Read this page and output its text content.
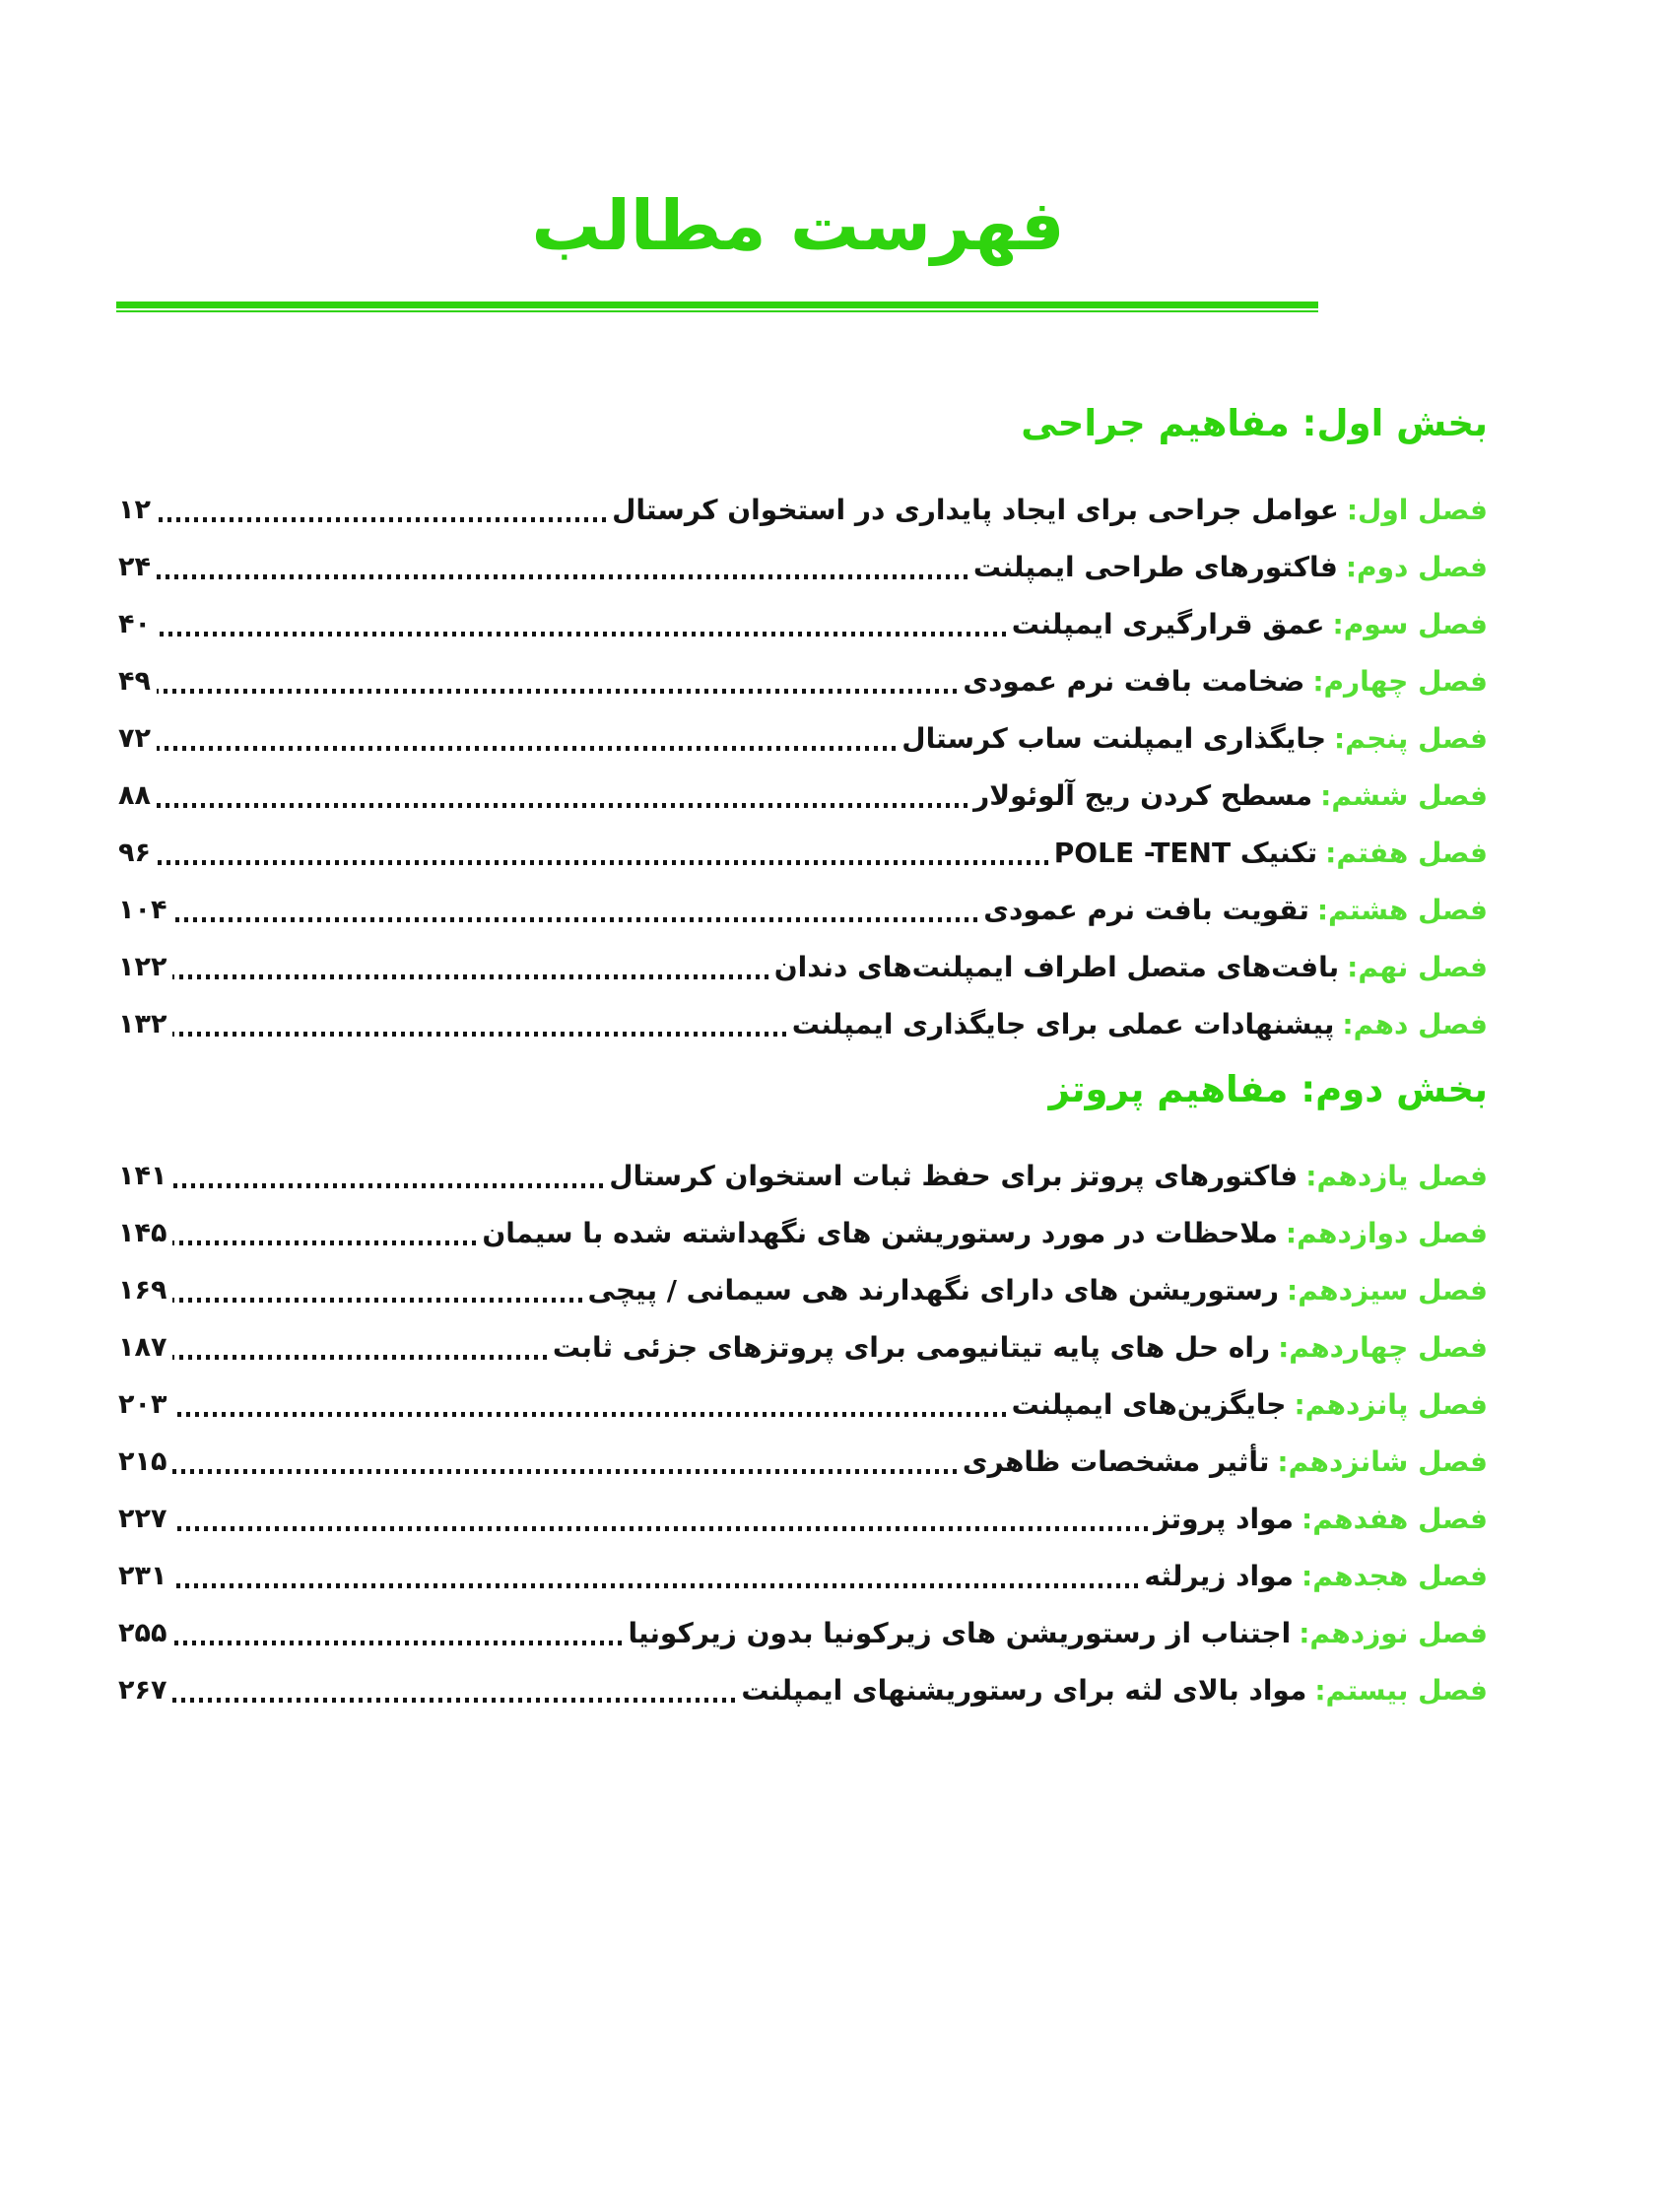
فهرست مطالب
بخش اول: مفاهیم جراحی
فصل اول:
عوامل جراحی برای ایجاد پایداری در استخوان کرستال
۱۲
فصل دوم:
فاکتورهای طراحی ایمپلنت
۲۴
فصل سوم:
عمق قرارگیری ایمپلنت
۴۰
فصل چهارم:
ضخامت بافت نرم عمودی
۴۹
فصل پنجم:
جایگذاری ایمپلنت ساب کرستال
۷۲
فصل ششم:
مسطح کردن ریج آلوئولار
۸۸
فصل هفتم:
تکنیک POLE -TENT
۹۶
فصل هشتم:
تقویت بافت نرم عمودی
۱۰۴
فصل نهم:
بافت‌های متصل اطراف ایمپلنت‌های دندان
۱۲۲
فصل دهم:
پیشنهادات عملی برای جایگذاری ایمپلنت
۱۳۲
بخش دوم: مفاهیم پروتز
فصل یازدهم:
فاکتورهای پروتز برای حفظ ثبات استخوان کرستال
۱۴۱
فصل دوازدهم:
ملاحظات در مورد رستوریشن های نگهداشته شده با سیمان
۱۴۵
فصل سیزدهم:
رستوریشن های دارای نگهدارند هی سیمانی / پیچی
۱۶۹
فصل چهاردهم:
راه حل های پایه تیتانیومی برای پروتزهای جزئی ثابت
۱۸۷
فصل پانزدهم:
جایگزین‌های ایمپلنت
۲۰۳
فصل شانزدهم:
تأثیر مشخصات ظاهری
۲۱۵
فصل هفدهم:
مواد پروتز
۲۲۷
فصل هجدهم:
مواد زیرلثه
۲۳۱
فصل نوزدهم:
اجتناب از رستوریشن های زیرکونیا بدون زیرکونیا
۲۵۵
فصل بیستم:
مواد بالای لثه برای رستوریشنهای ایمپلنت
۲۶۷
